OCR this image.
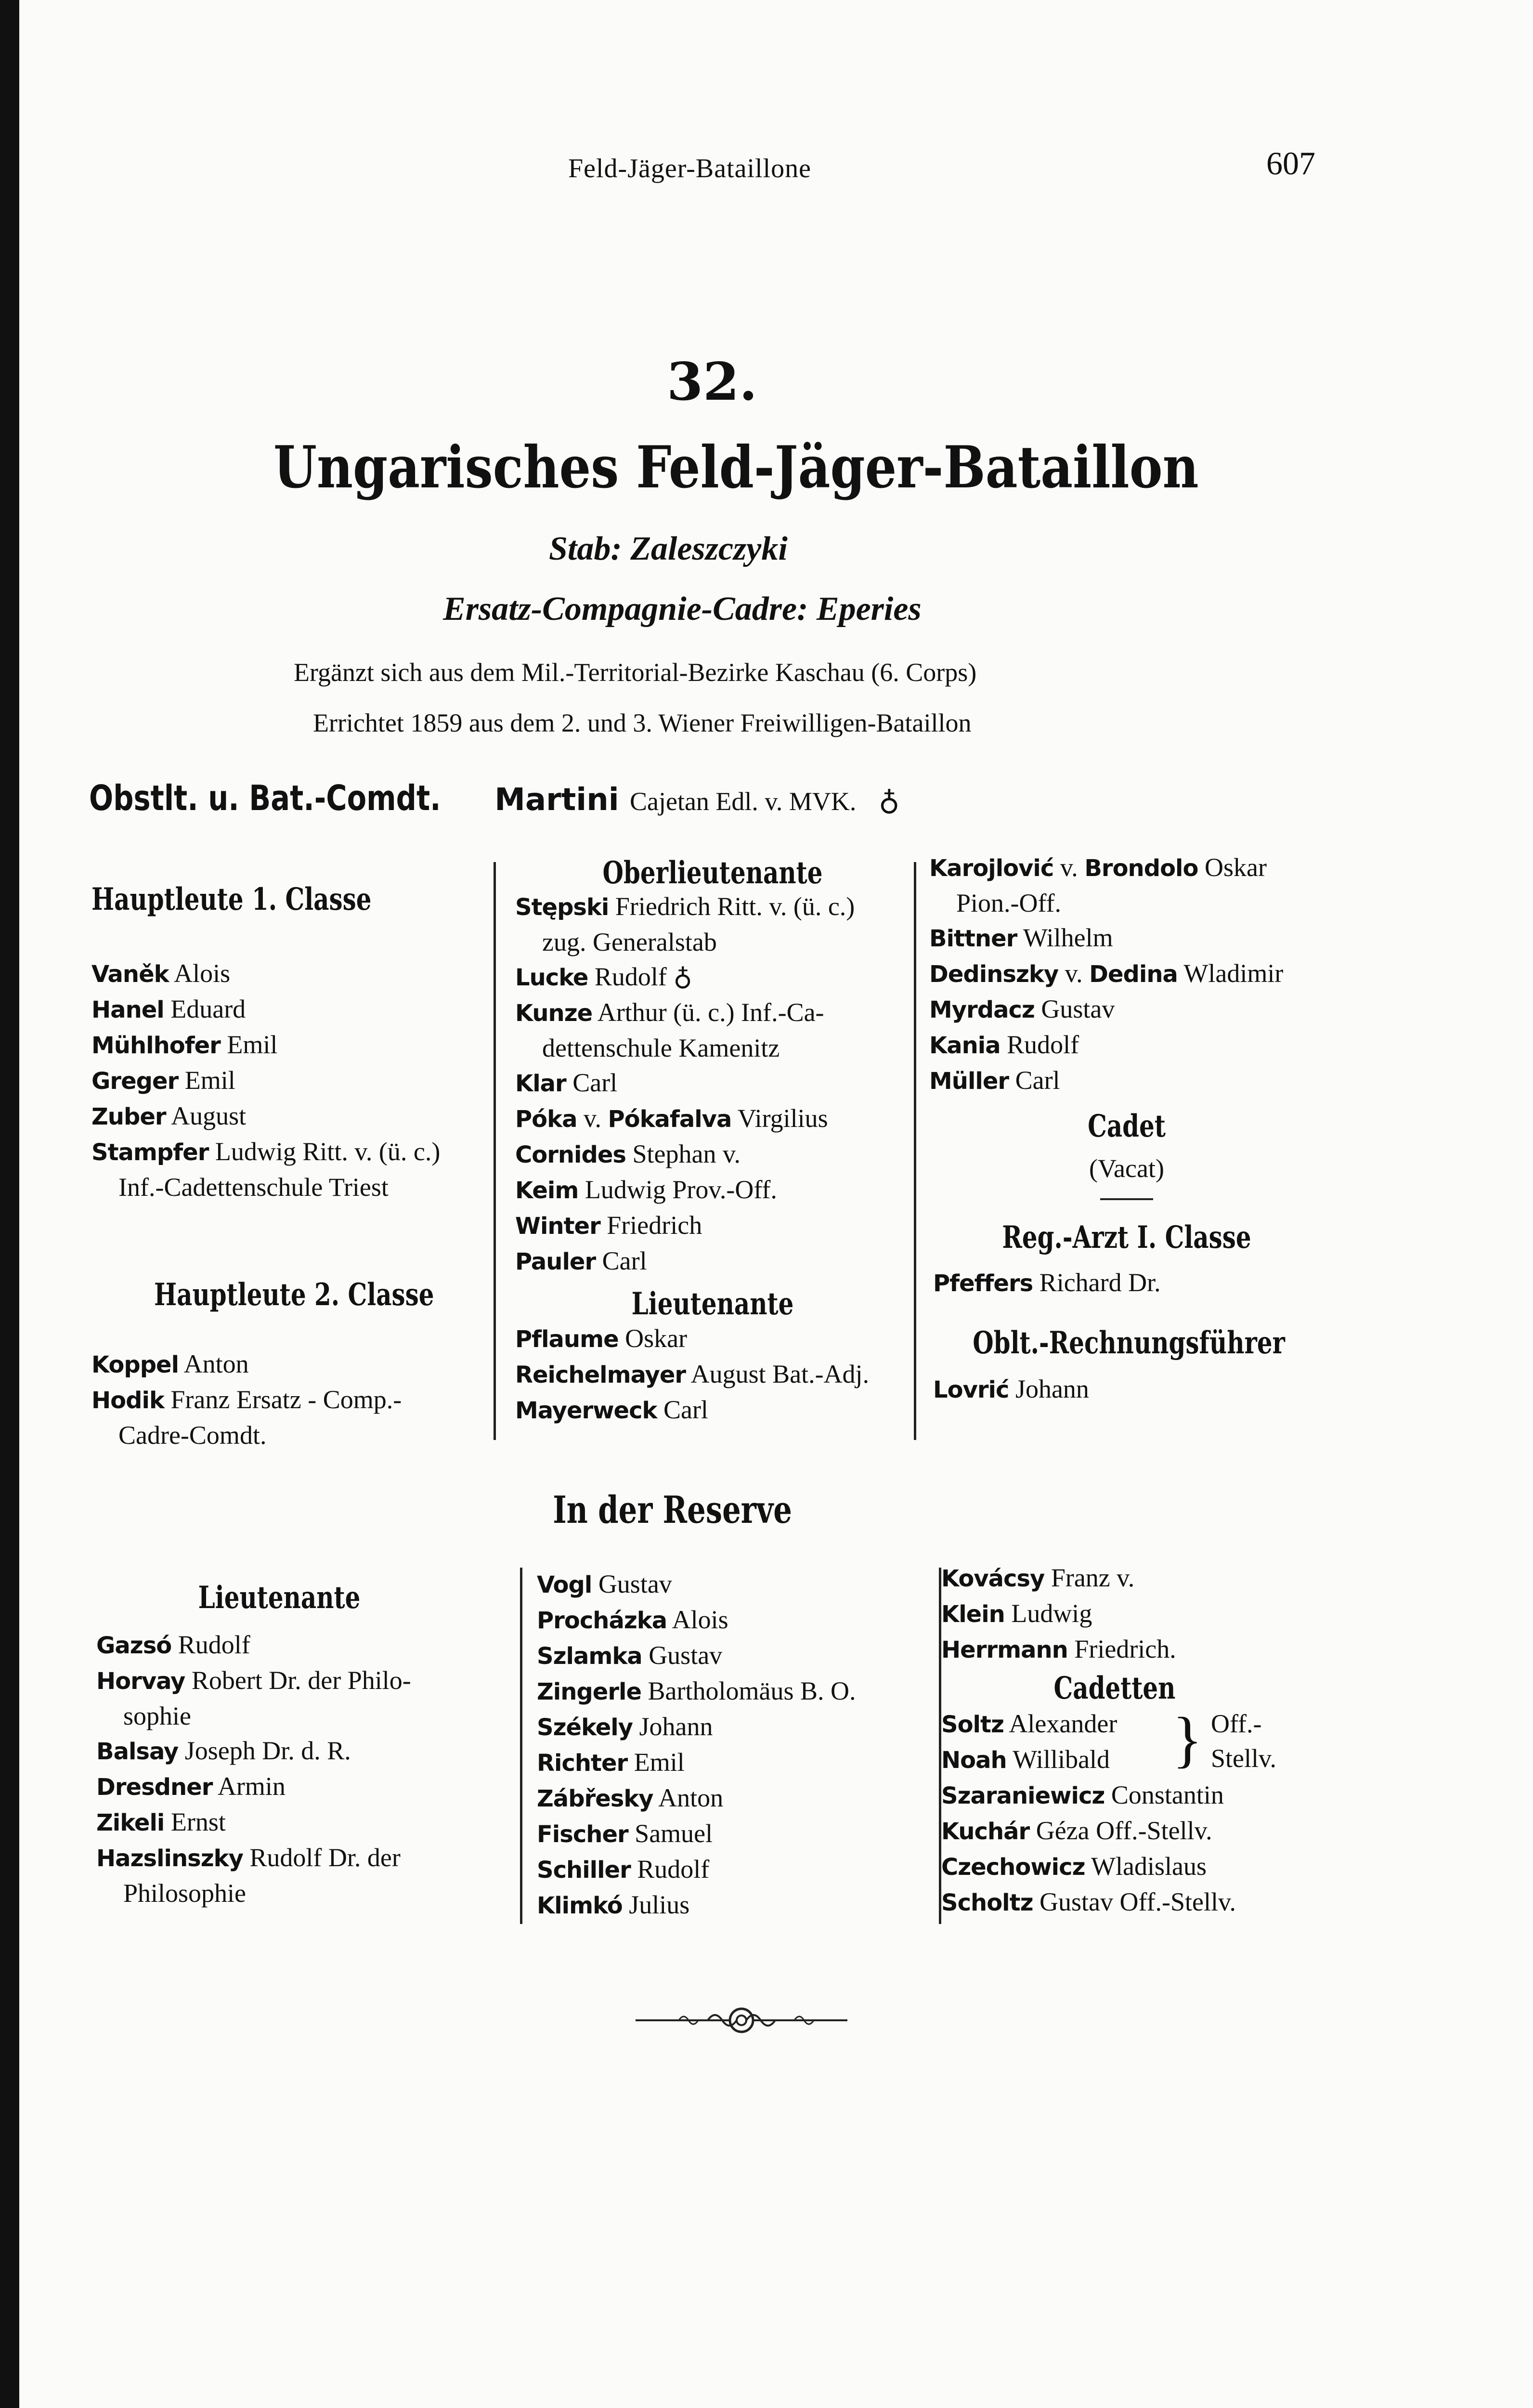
Feld-Jäger-Bataillone	607
32.
Ungarisches Feld-Jäger-Bataillon
Stab: Zaleszczyki
Ersatz-Compagnie-Cadre: Eperies
Ergänzt sich aus dem Mil.-Territorial-Bezirke Kaschau (6. Corps)
Errichtet 1859 aus dem 2. und 3. Wiener Freiwilligen-Bataillon
Obstlt. u. Bat.-Comdt. Martini Cajetan Edl. v. MVK. ♁
Hauptleute 1. Classe
Vaněk Alois
Hanel Eduard
Mühlhofer Emil
Greger Emil
Zuber August
Stampfer Ludwig Ritt. v. (ü. c.)
Inf.-Cadettenschule Triest
Hauptleute 2. Classe
Koppel Anton
Hodik Franz Ersatz - Comp.-
Cadre-Comdt.
Oberlieutenante
Stępski Friedrich Ritt. v. (ü. c.)
zug. Generalstab
Lucke Rudolf ♁
Kunze Arthur (ü. c.) Inf.-Ca-
dettenschule Kamenitz
Klar Carl
Póka v. Pókafalva Virgilius
Cornides Stephan v.
Keim Ludwig Prov.-Off.
Winter Friedrich
Pauler Carl
Lieutenante
Pflaume Oskar
Reichelmayer August Bat.-Adj.
Mayerweck Carl
Karojlović v. Brondolo Oskar
Pion.-Off.
Bittner Wilhelm
Dedinszky v. Dedina Wladimir
Myrdacz Gustav
Kania Rudolf
Müller Carl
Cadet
(Vacat)
Reg.-Arzt I. Classe
Pfeffers Richard Dr.
Oblt.-Rechnungsführer
Lovrić Johann
In der Reserve
Lieutenante
Gazsó Rudolf
Horvay Robert Dr. der Philo-
sophie
Balsay Joseph Dr. d. R.
Dresdner Armin
Zikeli Ernst
Hazslinszky Rudolf Dr. der
Philosophie
Vogl Gustav
Procházka Alois
Szlamka Gustav
Zingerle Bartholomäus B. O.
Székely Johann
Richter Emil
Zábřesky Anton
Fischer Samuel
Schiller Rudolf
Klimkó Julius
Kovácsy Franz v.
Klein Ludwig
Herrmann Friedrich.
Cadetten
Soltz Alexander
Noah Willibald } Off.-
Stellv.
Szaraniewicz Constantin
Kuchár Géza Off.-Stellv.
Czechowicz Wladislaus
Scholtz Gustav Off.-Stellv.
